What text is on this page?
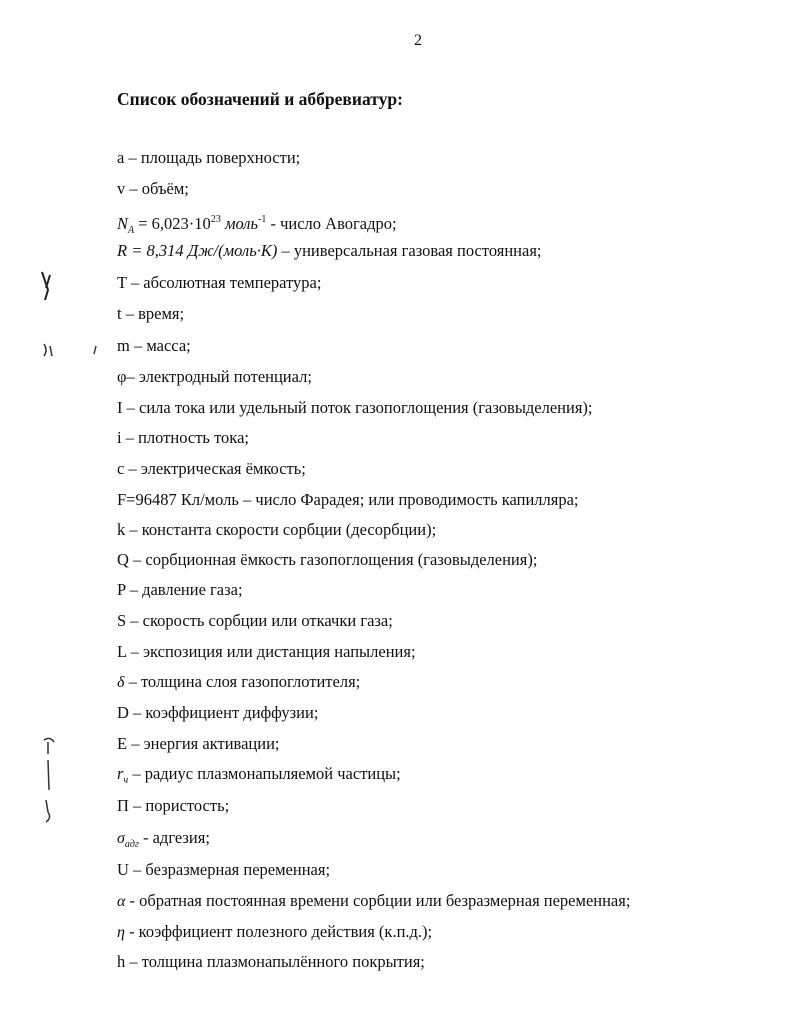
2
Список обозначений и аббревиатур:
а – площадь поверхности;
v – объём;
$N_A = 6,023\cdot 10^{23}$ моль$^{-1}$ - число Авогадро;
R = 8,314 Дж/(моль·K) – универсальная газовая постоянная;
T – абсолютная температура;
t – время;
m – масса;
φ– электродный потенциал;
I – сила тока или удельный поток газопоглощения (газовыделения);
i – плотность тока;
с – электрическая ёмкость;
F=96487 Кл/моль – число Фарадея; или проводимость капилляра;
k – константа скорости сорбции (десорбции);
Q – сорбционная ёмкость газопоглощения (газовыделения);
P – давление газа;
S – скорость сорбции или откачки газа;
L – экспозиция или дистанция напыления;
δ – толщина слоя газопоглотителя;
D – коэффициент диффузии;
E – энергия активации;
$r_ч$ – радиус плазмонапыляемой частицы;
П – пористость;
$\sigma_{адг}$ - адгезия;
U – безразмерная переменная;
α - обратная постоянная времени сорбции или безразмерная переменная;
η - коэффициент полезного действия (к.п.д.);
h – толщина плазмонапылённого покрытия;
